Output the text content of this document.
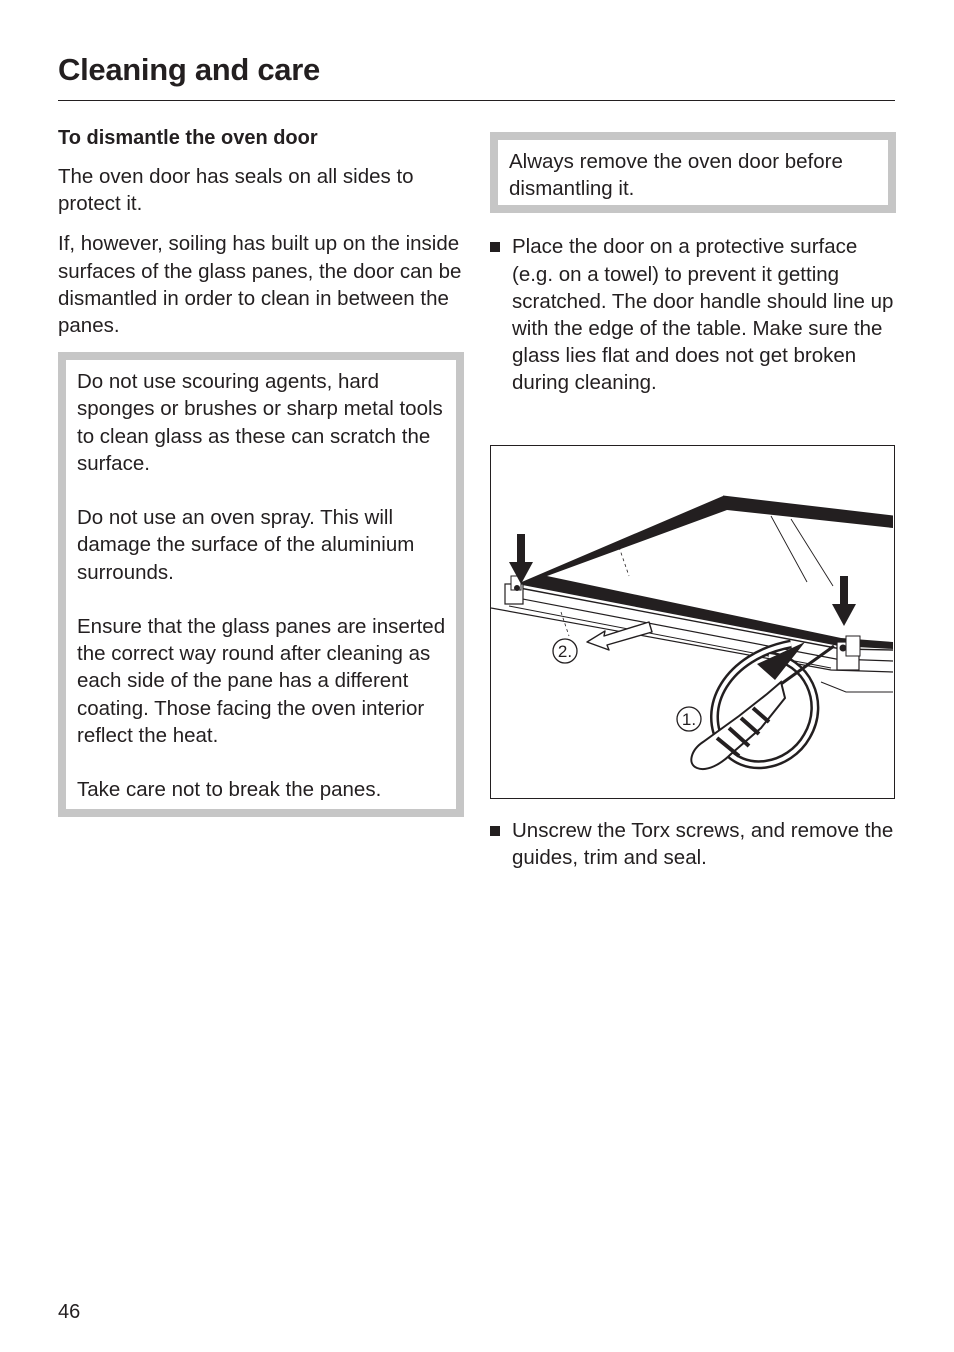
Cleaning and care
To dismantle the oven door

The oven door has seals on all sides to protect it.

If, however, soiling has built up on the inside surfaces of the glass panes, the door can be dismantled in order to clean in between the panes.

Do not use scouring agents, hard sponges or brushes or sharp metal tools to clean glass as these can scratch the surface.

Do not use an oven spray. This will damage the surface of the aluminium surrounds.

Ensure that the glass panes are inserted the correct way round after cleaning as each side of the pane has a different coating. Those facing the oven interior reflect the heat.

Take care not to break the panes.

Always remove the oven door before dismantling it.

Place the door on a protective surface (e.g. on a towel) to prevent it getting scratched. The door handle should line up with the edge of the table. Make sure the glass lies flat and does not get broken during cleaning.
2.
1.
Unscrew the Torx screws, and remove the guides, trim and seal.
46
